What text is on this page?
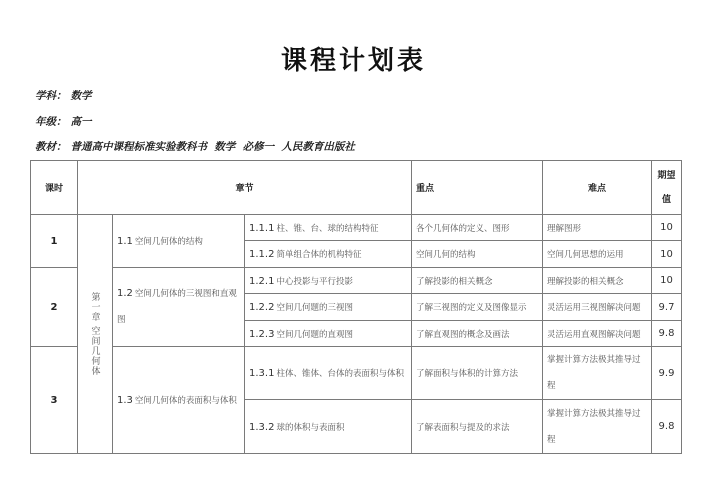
课程计划表
学科： 数学
年级： 高一
教材： 普通高中课程标准实验教科书  数学  必修一  人民教育出版社
课时	章节			重点	难点	期望值
1	第一章 空间几何体	1.1 空间几何体的结构	1.1.1 柱、锥、台、球的结构特征	各个几何体的定义、图形	理解图形	10
			1.1.2 简单组合体的机构特征	空间几何的结构	空间几何思想的运用	10
2		1.2 空间几何体的三视图和直观图	1.2.1 中心投影与平行投影	了解投影的相关概念	理解投影的相关概念	10
			1.2.2 空间几何题的三视图	了解三视图的定义及图像显示	灵活运用三视图解决问题	9.7
			1.2.3 空间几何题的直观图	了解直观图的概念及画法	灵活运用直观图解决问题	9.8
3		1.3 空间几何体的表面积与体积	1.3.1 柱体、锥体、台体的表面积与体积	了解面积与体积的计算方法	掌握计算方法极其推导过程	9.9
			1.3.2 球的体积与表面积	了解表面积与提及的求法	掌握计算方法极其推导过程	9.8
